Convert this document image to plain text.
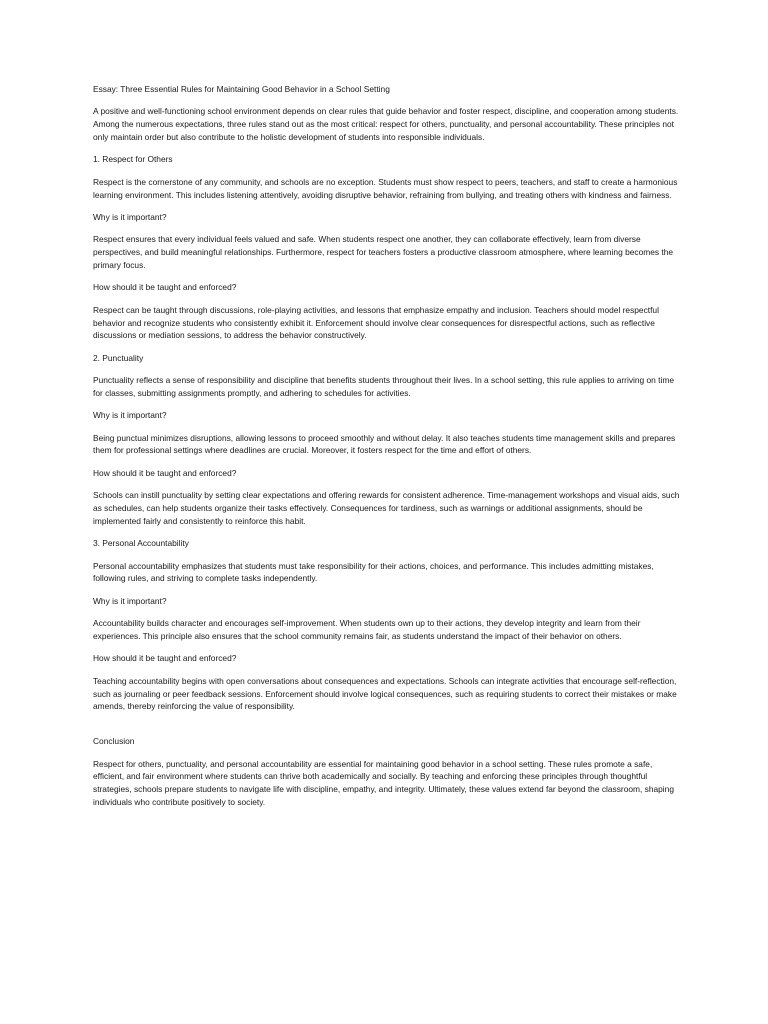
Essay: Three Essential Rules for Maintaining Good Behavior in a School Setting

A positive and well-functioning school environment depends on clear rules that guide behavior and foster respect, discipline, and cooperation among students. Among the numerous expectations, three rules stand out as the most critical: respect for others, punctuality, and personal accountability. These principles not only maintain order but also contribute to the holistic development of students into responsible individuals.

1. Respect for Others

Respect is the cornerstone of any community, and schools are no exception. Students must show respect to peers, teachers, and staff to create a harmonious learning environment. This includes listening attentively, avoiding disruptive behavior, refraining from bullying, and treating others with kindness and fairness.

Why is it important?

Respect ensures that every individual feels valued and safe. When students respect one another, they can collaborate effectively, learn from diverse perspectives, and build meaningful relationships. Furthermore, respect for teachers fosters a productive classroom atmosphere, where learning becomes the primary focus.

How should it be taught and enforced?

Respect can be taught through discussions, role-playing activities, and lessons that emphasize empathy and inclusion. Teachers should model respectful behavior and recognize students who consistently exhibit it. Enforcement should involve clear consequences for disrespectful actions, such as reflective discussions or mediation sessions, to address the behavior constructively.

2. Punctuality

Punctuality reflects a sense of responsibility and discipline that benefits students throughout their lives. In a school setting, this rule applies to arriving on time for classes, submitting assignments promptly, and adhering to schedules for activities.

Why is it important?

Being punctual minimizes disruptions, allowing lessons to proceed smoothly and without delay. It also teaches students time management skills and prepares them for professional settings where deadlines are crucial. Moreover, it fosters respect for the time and effort of others.

How should it be taught and enforced?

Schools can instill punctuality by setting clear expectations and offering rewards for consistent adherence. Time-management workshops and visual aids, such as schedules, can help students organize their tasks effectively. Consequences for tardiness, such as warnings or additional assignments, should be implemented fairly and consistently to reinforce this habit.

3. Personal Accountability

Personal accountability emphasizes that students must take responsibility for their actions, choices, and performance. This includes admitting mistakes, following rules, and striving to complete tasks independently.

Why is it important?

Accountability builds character and encourages self-improvement. When students own up to their actions, they develop integrity and learn from their experiences. This principle also ensures that the school community remains fair, as students understand the impact of their behavior on others.

How should it be taught and enforced?

Teaching accountability begins with open conversations about consequences and expectations. Schools can integrate activities that encourage self-reflection, such as journaling or peer feedback sessions. Enforcement should involve logical consequences, such as requiring students to correct their mistakes or make amends, thereby reinforcing the value of responsibility.

Conclusion

Respect for others, punctuality, and personal accountability are essential for maintaining good behavior in a school setting. These rules promote a safe, efficient, and fair environment where students can thrive both academically and socially. By teaching and enforcing these principles through thoughtful strategies, schools prepare students to navigate life with discipline, empathy, and integrity. Ultimately, these values extend far beyond the classroom, shaping individuals who contribute positively to society.
